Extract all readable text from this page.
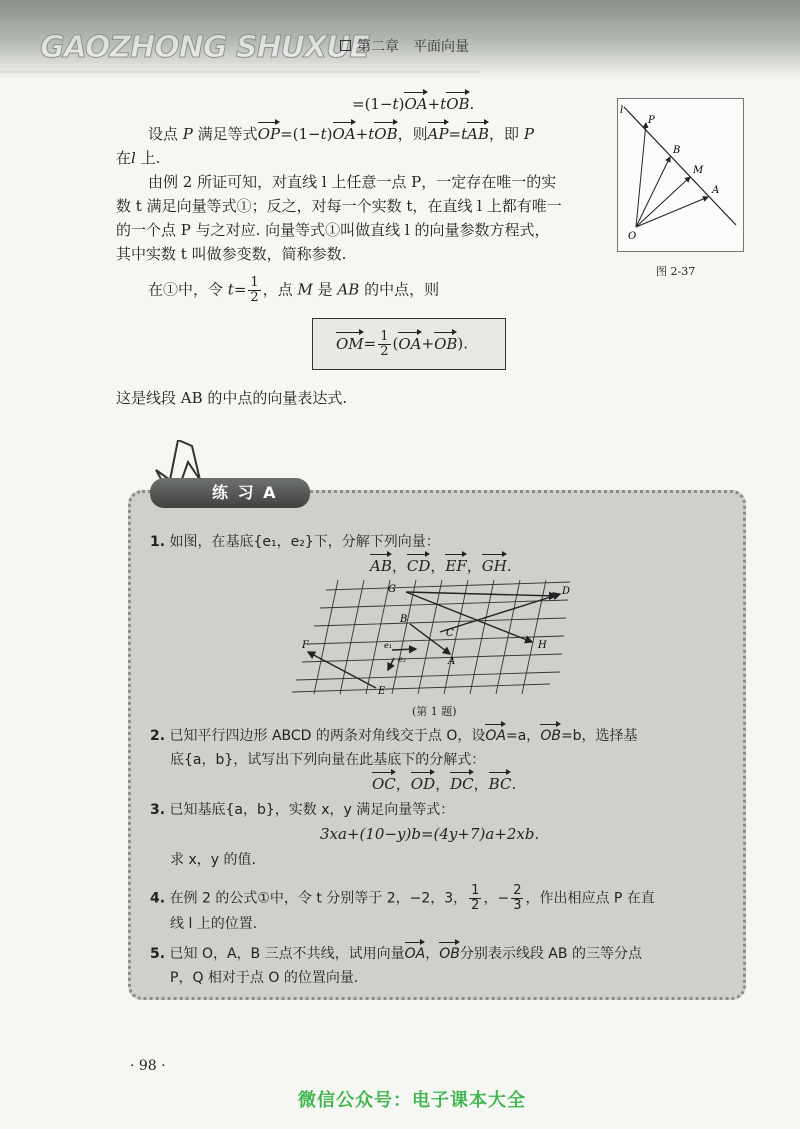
GAOZHONG SHUXUE
第二章　平面向量
=(1−t)OA+tOB.
设点 P 满足等式OP=(1−t)OA+tOB，则AP=tAB，即 P
在l 上.
由例 2 所证可知，对直线 l 上任意一点 P，一定存在唯一的实
数 t 满足向量等式①；反之，对每一个实数 t，在直线 l 上都有唯一
的一个点 P 与之对应. 向量等式①叫做直线 l 的向量参数方程式，
其中实数 t 叫做参变数，简称参数.
在①中，令 $t= \frac{1}{2}$ ，点 M 是 AB 的中点，则
$OM= \frac{1}{2} (OA+OB)$.
这是线段 AB 的中点的向量表达式.
l
P
B
M
A
O
图 2-37
练 习 A
1. 如图，在基底{e₁，e₂}下，分解下列向量：
AB，CD，EF，GH.
G	D
B
C
F	H
A
E
e₁
e₂
(第 1 题)
2. 已知平行四边形 ABCD 的两条对角线交于点 O，设OA=a，OB=b，选择基
底{a，b}，试写出下列向量在此基底下的分解式：
OC，OD，DC，BC.
3. 已知基底{a，b}，实数 x，y 满足向量等式：
3xa+(10−y)b=(4y+7)a+2xb.
求 x，y 的值.
4. 在例 2 的公式①中，令 t 分别等于 2，−2，3， $\frac{1}{2}$ ，− $\frac{2}{3}$ ，作出相应点 P 在直
线 l 上的位置.
5. 已知 O，A，B 三点不共线，试用向量OA，OB分别表示线段 AB 的三等分点
P，Q 相对于点 O 的位置向量.
· 98 ·
微信公众号：电子课本大全
